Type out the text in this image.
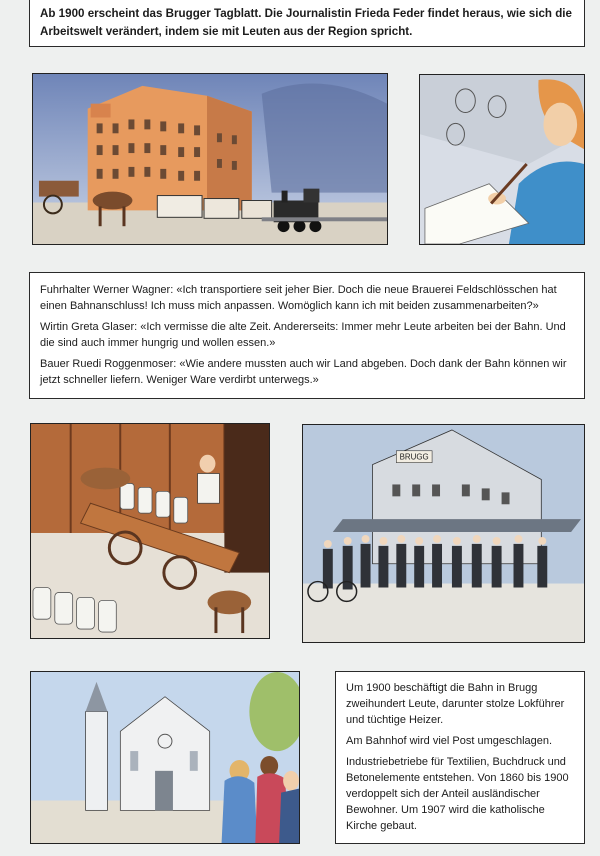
Ab 1900 erscheint das Brugger Tagblatt. Die Journalistin Frieda Feder findet heraus, wie sich die Arbeitswelt verändert, indem sie mit Leuten aus der Region spricht.

Fuhrhalter Werner Wagner: «Ich transportiere seit jeher Bier. Doch die neue Brauerei Feldschlösschen hat einen Bahnanschluss! Ich muss mich anpassen. Womöglich kann ich mit beiden zusammenarbeiten?»

Wirtin Greta Glaser: «Ich vermisse die alte Zeit. Andererseits: Immer mehr Leute arbeiten bei der Bahn. Und die sind auch immer hungrig und wollen essen.»

Bauer Ruedi Roggenmoser: «Wie andere mussten auch wir Land abgeben. Doch dank der Bahn können wir jetzt schneller liefern. Weniger Ware verdirbt unterwegs.»

BRUGG

Um 1900 beschäftigt die Bahn in Brugg zweihundert Leute, darunter stolze Lokführer und tüchtige Heizer.

Am Bahnhof wird viel Post umgeschlagen.

Industriebetriebe für Textilien, Buchdruck und Betonelemente entstehen. Von 1860 bis 1900 verdoppelt sich der Anteil ausländischer Bewohner. Um 1907 wird die katholische Kirche gebaut.
